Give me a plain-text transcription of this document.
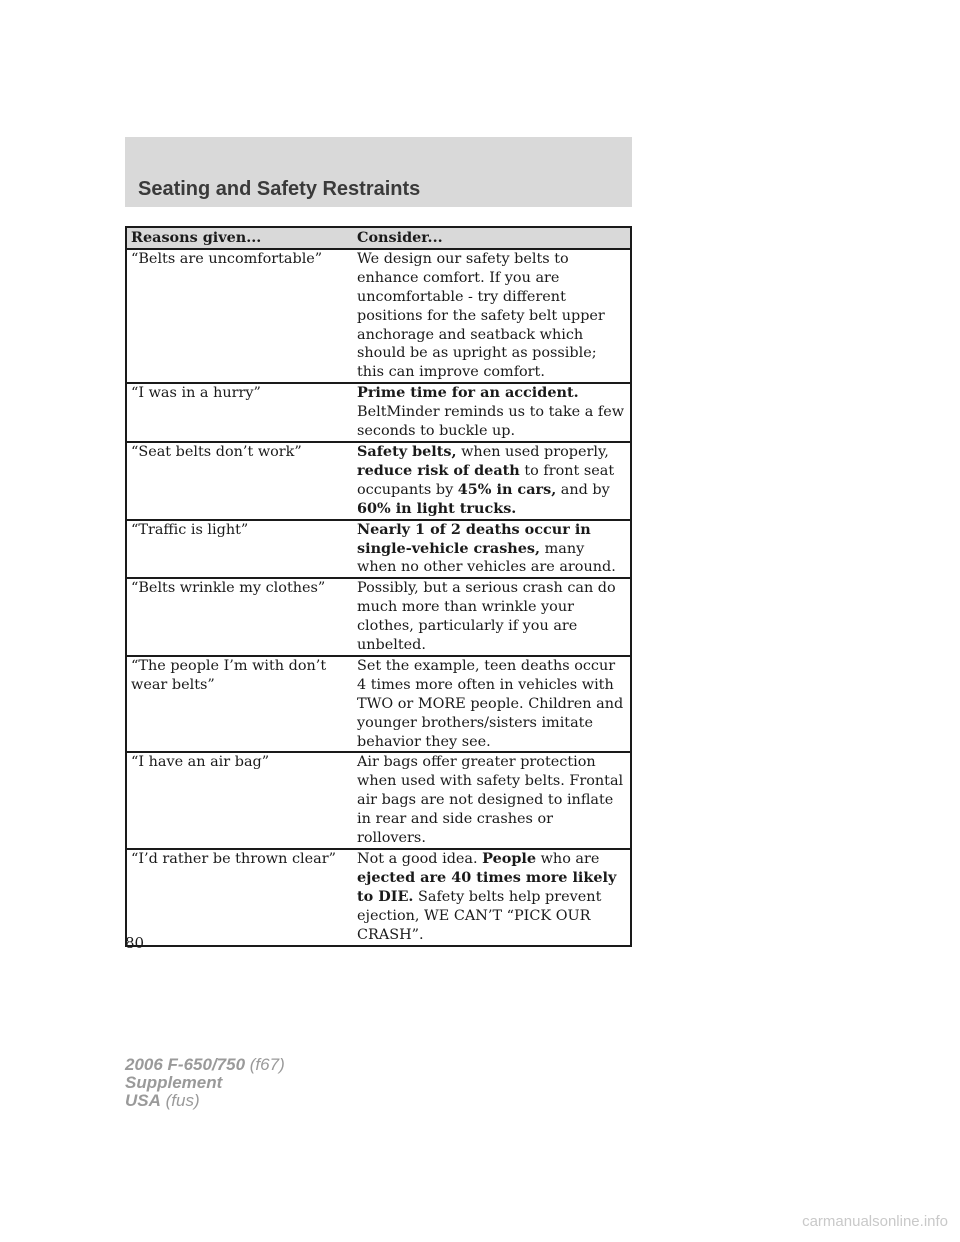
Seating and Safety Restraints
Reasons given...	Consider...
“Belts are uncomfortable”	We design our safety belts to enhance comfort. If you are uncomfortable - try different positions for the safety belt upper anchorage and seatback which should be as upright as possible; this can improve comfort.
“I was in a hurry”	Prime time for an accident. BeltMinder reminds us to take a few seconds to buckle up.
“Seat belts don’t work”	Safety belts, when used properly, reduce risk of death to front seat occupants by 45% in cars, and by 60% in light trucks.
“Traffic is light”	Nearly 1 of 2 deaths occur in single-vehicle crashes, many when no other vehicles are around.
“Belts wrinkle my clothes”	Possibly, but a serious crash can do much more than wrinkle your clothes, particularly if you are unbelted.
“The people I’m with don’t wear belts”	Set the example, teen deaths occur 4 times more often in vehicles with TWO or MORE people. Children and younger brothers/sisters imitate behavior they see.
“I have an air bag”	Air bags offer greater protection when used with safety belts. Frontal air bags are not designed to inflate in rear and side crashes or rollovers.
“I’d rather be thrown clear”	Not a good idea. People who are ejected are 40 times more likely to DIE. Safety belts help prevent ejection, WE CAN’T “PICK OUR CRASH”.
80
2006 F-650/750 (f67)
Supplement
USA (fus)
carmanualsonline.info
